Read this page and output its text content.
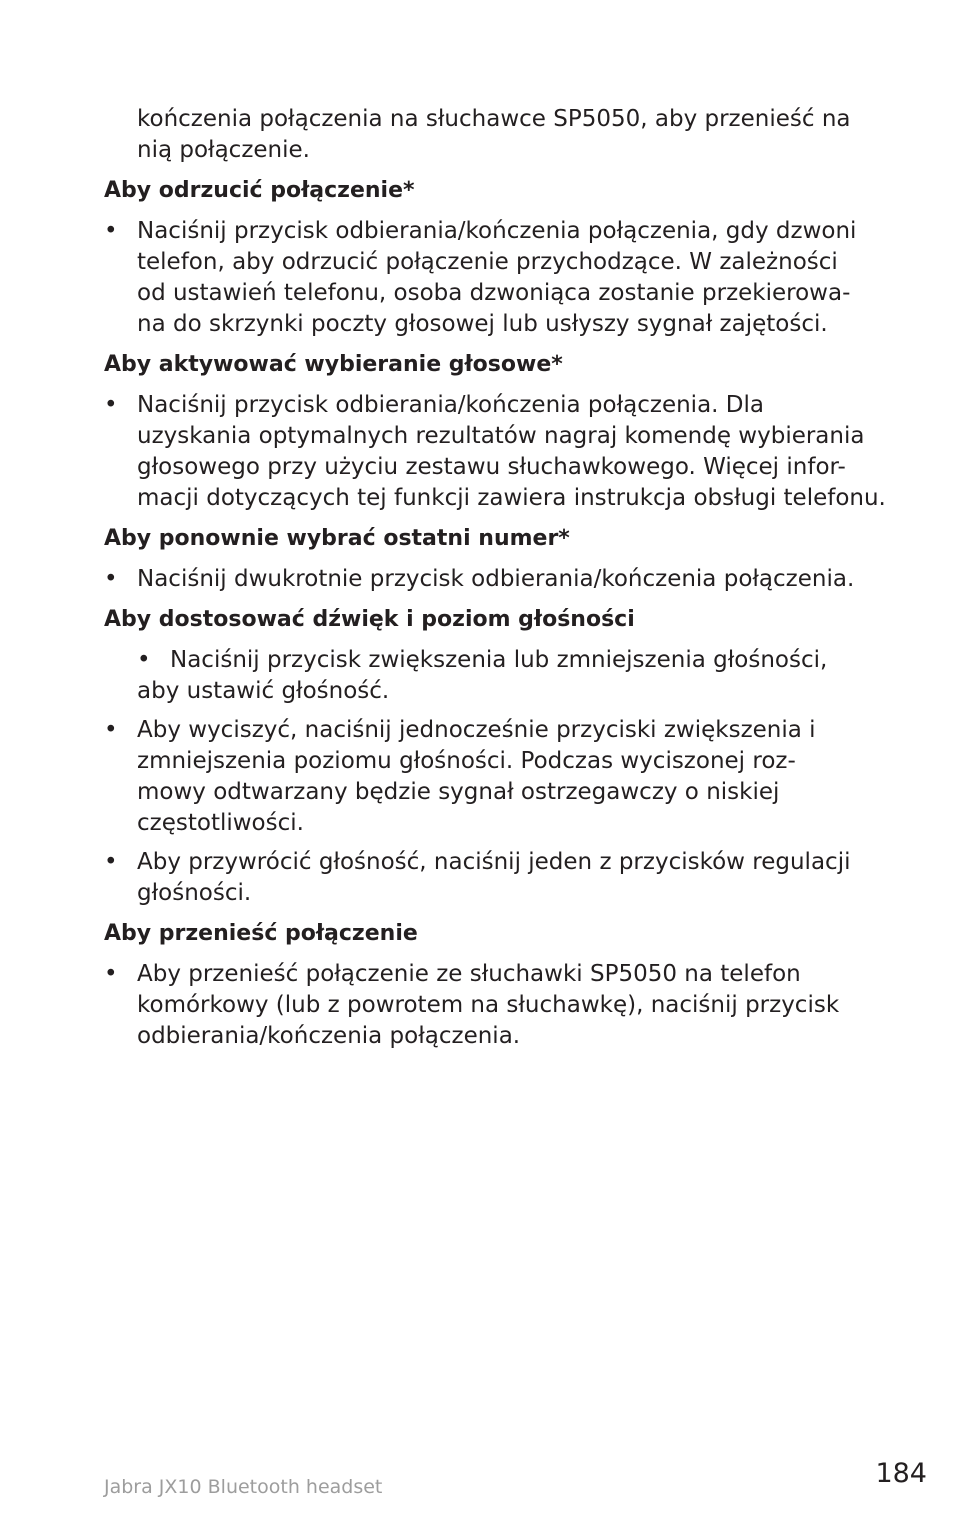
kończenia połączenia na słuchawce SP5050, aby przenieść na
nią połączenie.

Aby odrzucić połączenie*
• Naciśnij przycisk odbierania/kończenia połączenia, gdy dzwoni
telefon, aby odrzucić połączenie przychodzące. W zależności
od ustawień telefonu, osoba dzwoniąca zostanie przekierowa-
na do skrzynki poczty głosowej lub usłyszy sygnał zajętości.
Aby aktywować wybieranie głosowe*
• Naciśnij przycisk odbierania/kończenia połączenia. Dla
uzyskania optymalnych rezultatów nagraj komendę wybierania
głosowego przy użyciu zestawu słuchawkowego. Więcej infor-
macji dotyczących tej funkcji zawiera instrukcja obsługi telefonu.
Aby ponownie wybrać ostatni numer*
• Naciśnij dwukrotnie przycisk odbierania/kończenia połączenia.
Aby dostosować dźwięk i poziom głośności
• Naciśnij przycisk zwiększenia lub zmniejszenia głośności,
aby ustawić głośność.
• Aby wyciszyć, naciśnij jednocześnie przyciski zwiększenia i
zmniejszenia poziomu głośności. Podczas wyciszonej roz-
mowy odtwarzany będzie sygnał ostrzegawczy o niskiej
częstotliwości.
• Aby przywrócić głośność, naciśnij jeden z przycisków regulacji
głośności.
Aby przenieść połączenie
• Aby przenieść połączenie ze słuchawki SP5050 na telefon
komórkowy (lub z powrotem na słuchawkę), naciśnij przycisk
odbierania/kończenia połączenia.
Jabra JX10 Bluetooth headset	184
